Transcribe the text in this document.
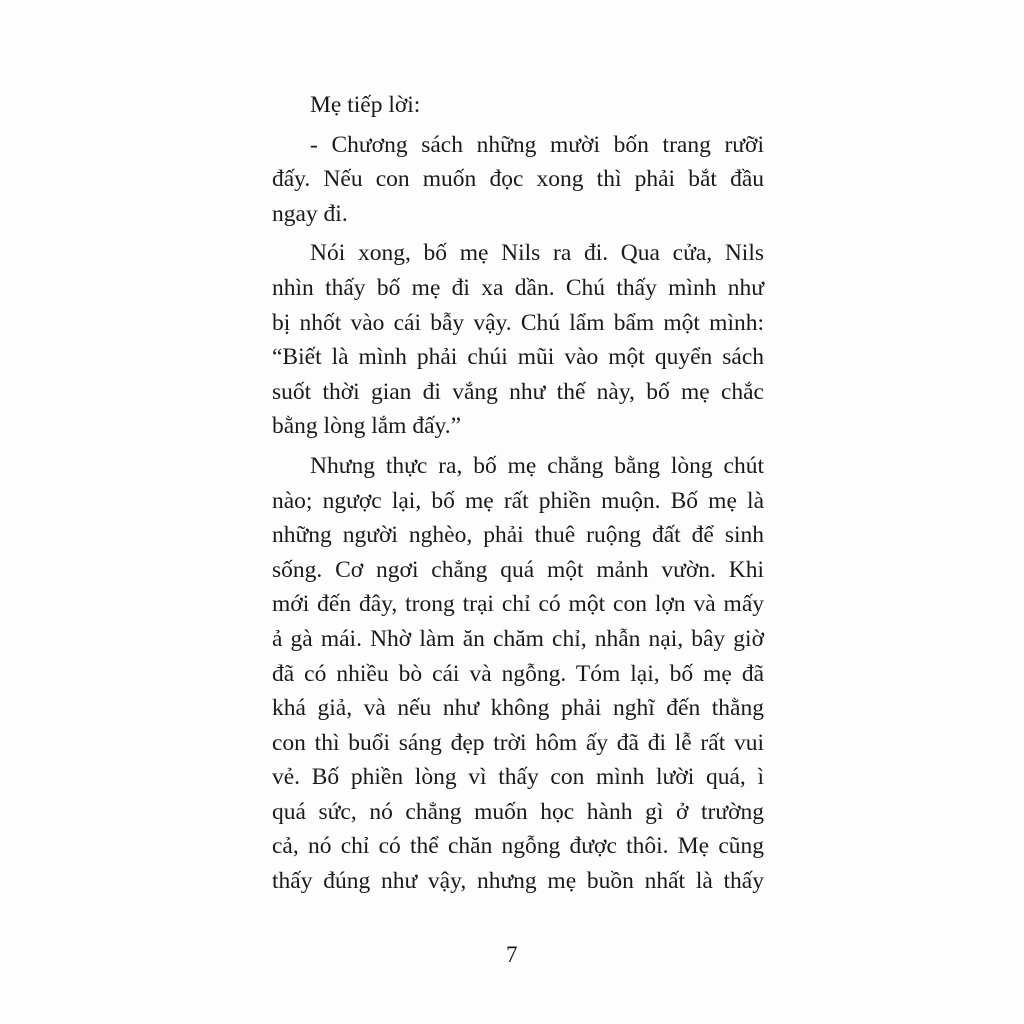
Mẹ tiếp lời:
- Chương sách những mười bốn trang rưỡi
đấy. Nếu con muốn đọc xong thì phải bắt đầu
ngay đi.
Nói xong, bố mẹ Nils ra đi. Qua cửa, Nils
nhìn thấy bố mẹ đi xa dần. Chú thấy mình như
bị nhốt vào cái bẫy vậy. Chú lẩm bẩm một mình:
“Biết là mình phải chúi mũi vào một quyển sách
suốt thời gian đi vắng như thế này, bố mẹ chắc
bằng lòng lắm đấy.”
Nhưng thực ra, bố mẹ chẳng bằng lòng chút
nào; ngược lại, bố mẹ rất phiền muộn. Bố mẹ là
những người nghèo, phải thuê ruộng đất để sinh
sống. Cơ ngơi chẳng quá một mảnh vườn. Khi
mới đến đây, trong trại chỉ có một con lợn và mấy
ả gà mái. Nhờ làm ăn chăm chỉ, nhẫn nại, bây giờ
đã có nhiều bò cái và ngỗng. Tóm lại, bố mẹ đã
khá giả, và nếu như không phải nghĩ đến thằng
con thì buổi sáng đẹp trời hôm ấy đã đi lễ rất vui
vẻ. Bố phiền lòng vì thấy con mình lười quá, ì
quá sức, nó chẳng muốn học hành gì ở trường
cả, nó chỉ có thể chăn ngỗng được thôi. Mẹ cũng
thấy đúng như vậy, nhưng mẹ buồn nhất là thấy
7
